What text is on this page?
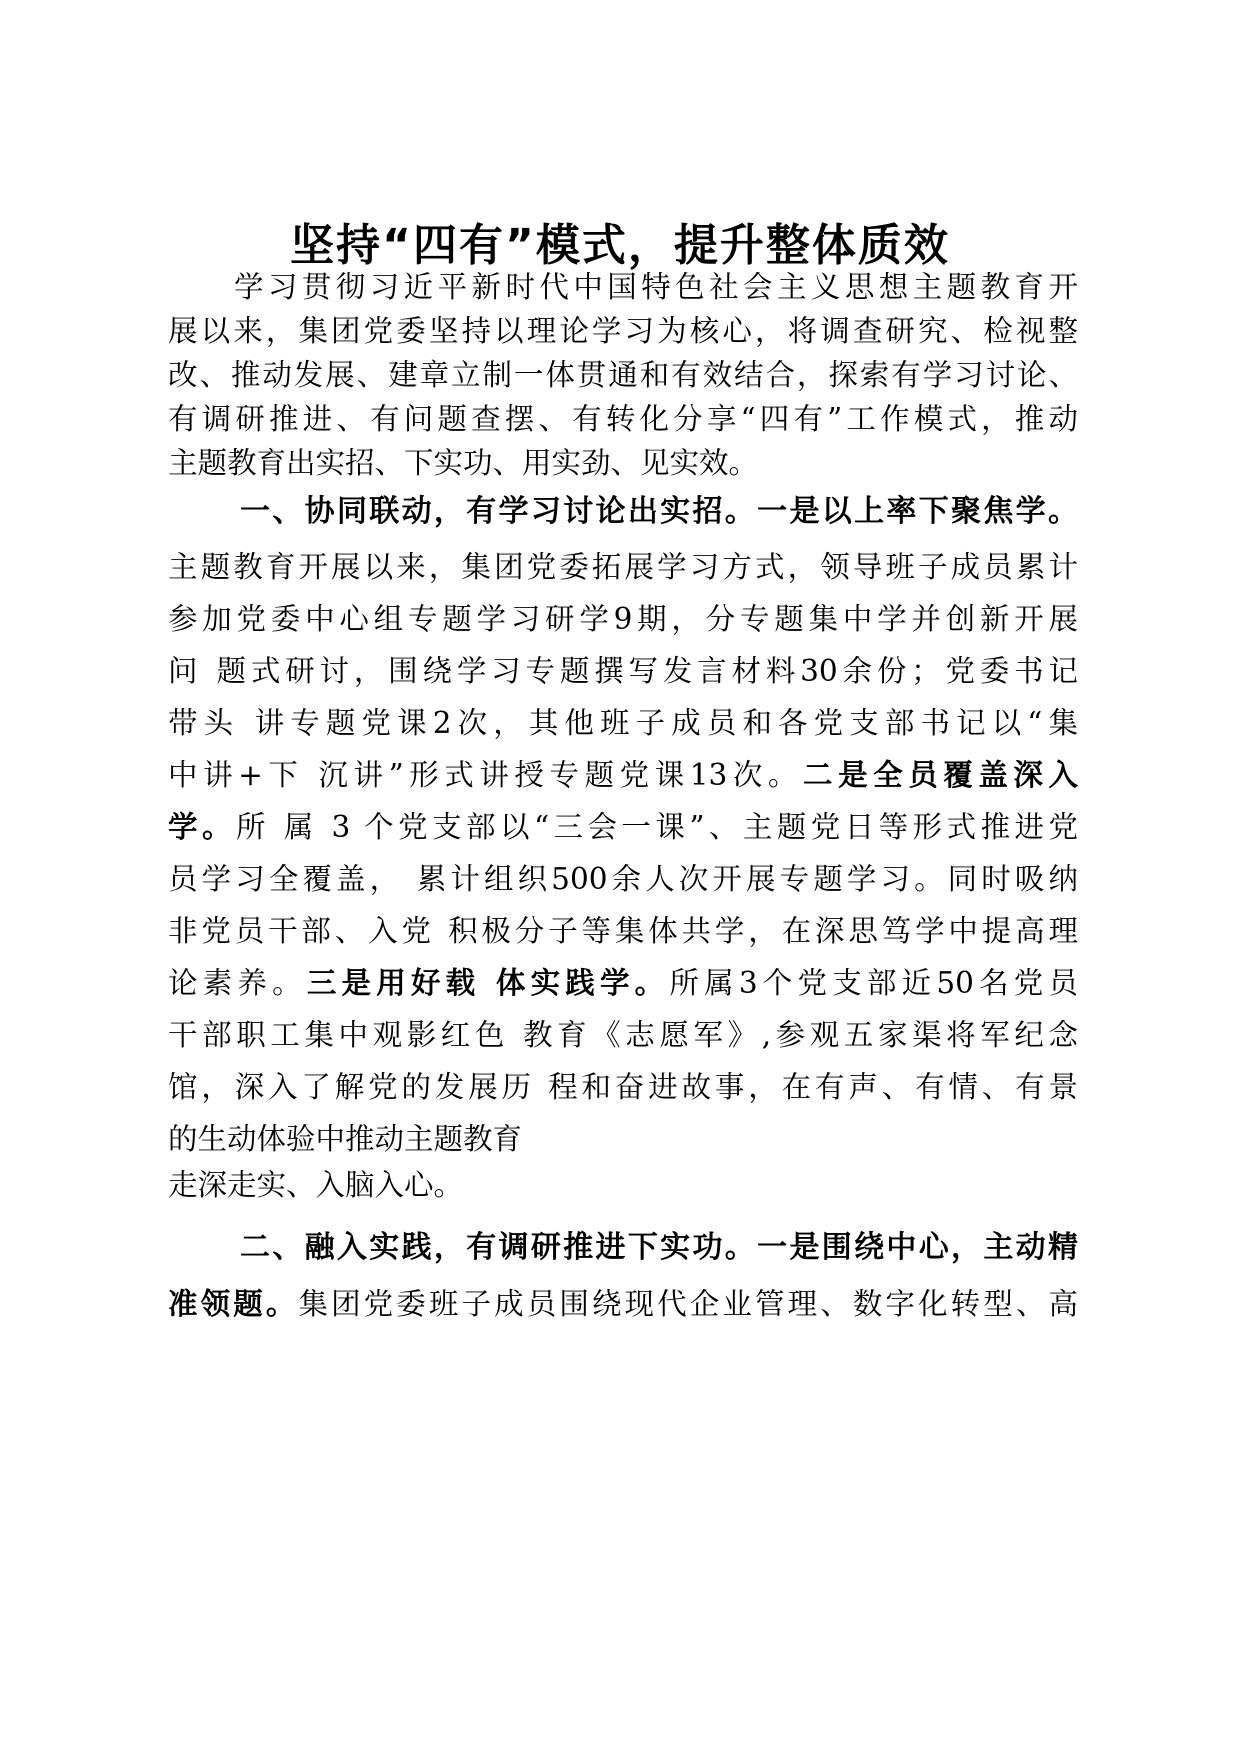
坚持“四有”模式，提升整体质效
学习贯彻习近平新时代中国特色社会主义思想主题教育开
展以来，集团党委坚持以理论学习为核心，将调查研究、检视整
改、推动发展、建章立制一体贯通和有效结合，探索有学习讨论、
有调研推进、有问题查摆、有转化分享“四有”工作模式，推动
主题教育出实招、下实功、用实劲、见实效。
一、协同联动，有学习讨论出实招。一是以上率下聚焦学。
主题教育开展以来，集团党委拓展学习方式，领导班子成员累计
参加党委中心组专题学习研学9期，分专题集中学并创新开展
问 题式研讨，围绕学习专题撰写发言材料30余份；党委书记
带头 讲专题党课2次，其他班子成员和各党支部书记以“集
中讲+下 沉讲”形式讲授专题党课13次。二是全员覆盖深入
学。所 属 3 个党支部以“三会一课”、主题党日等形式推进党
员学习全覆盖， 累计组织500余人次开展专题学习。同时吸纳
非党员干部、入党 积极分子等集体共学，在深思笃学中提高理
论素养。三是用好载 体实践学。所属3个党支部近50名党员
干部职工集中观影红色 教育《志愿军》,参观五家渠将军纪念
馆，深入了解党的发展历 程和奋进故事，在有声、有情、有景
的生动体验中推动主题教育
走深走实、入脑入心。
二、融入实践，有调研推进下实功。一是围绕中心，主动精
准领题。集团党委班子成员围绕现代企业管理、数字化转型、高
